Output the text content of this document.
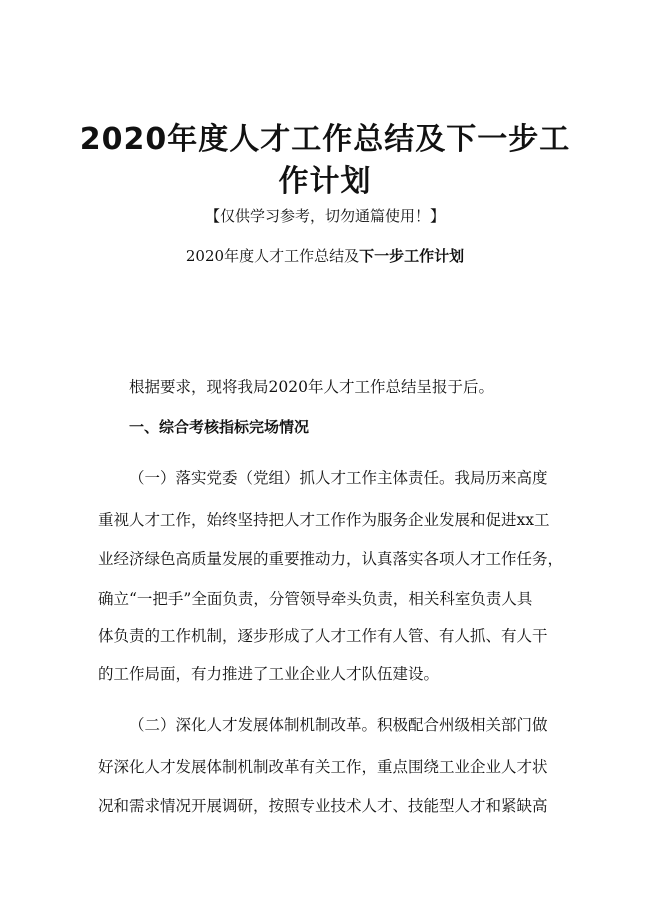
2020年度人才工作总结及下一步工
作计划
【仅供学习参考，切勿通篇使用！】
2020年度人才工作总结及下一步工作计划
根据要求，现将我局2020年人才工作总结呈报于后。
一、综合考核指标完场情况
（一）落实党委（党组）抓人才工作主体责任。我局历来高度
重视人才工作，始终坚持把人才工作作为服务企业发展和促进xx工
业经济绿色高质量发展的重要推动力，认真落实各项人才工作任务，
确立“一把手”全面负责，分管领导牵头负责，相关科室负责人具
体负责的工作机制，逐步形成了人才工作有人管、有人抓、有人干
的工作局面，有力推进了工业企业人才队伍建设。
（二）深化人才发展体制机制改革。积极配合州级相关部门做
好深化人才发展体制机制改革有关工作，重点围绕工业企业人才状
况和需求情况开展调研，按照专业技术人才、技能型人才和紧缺高
